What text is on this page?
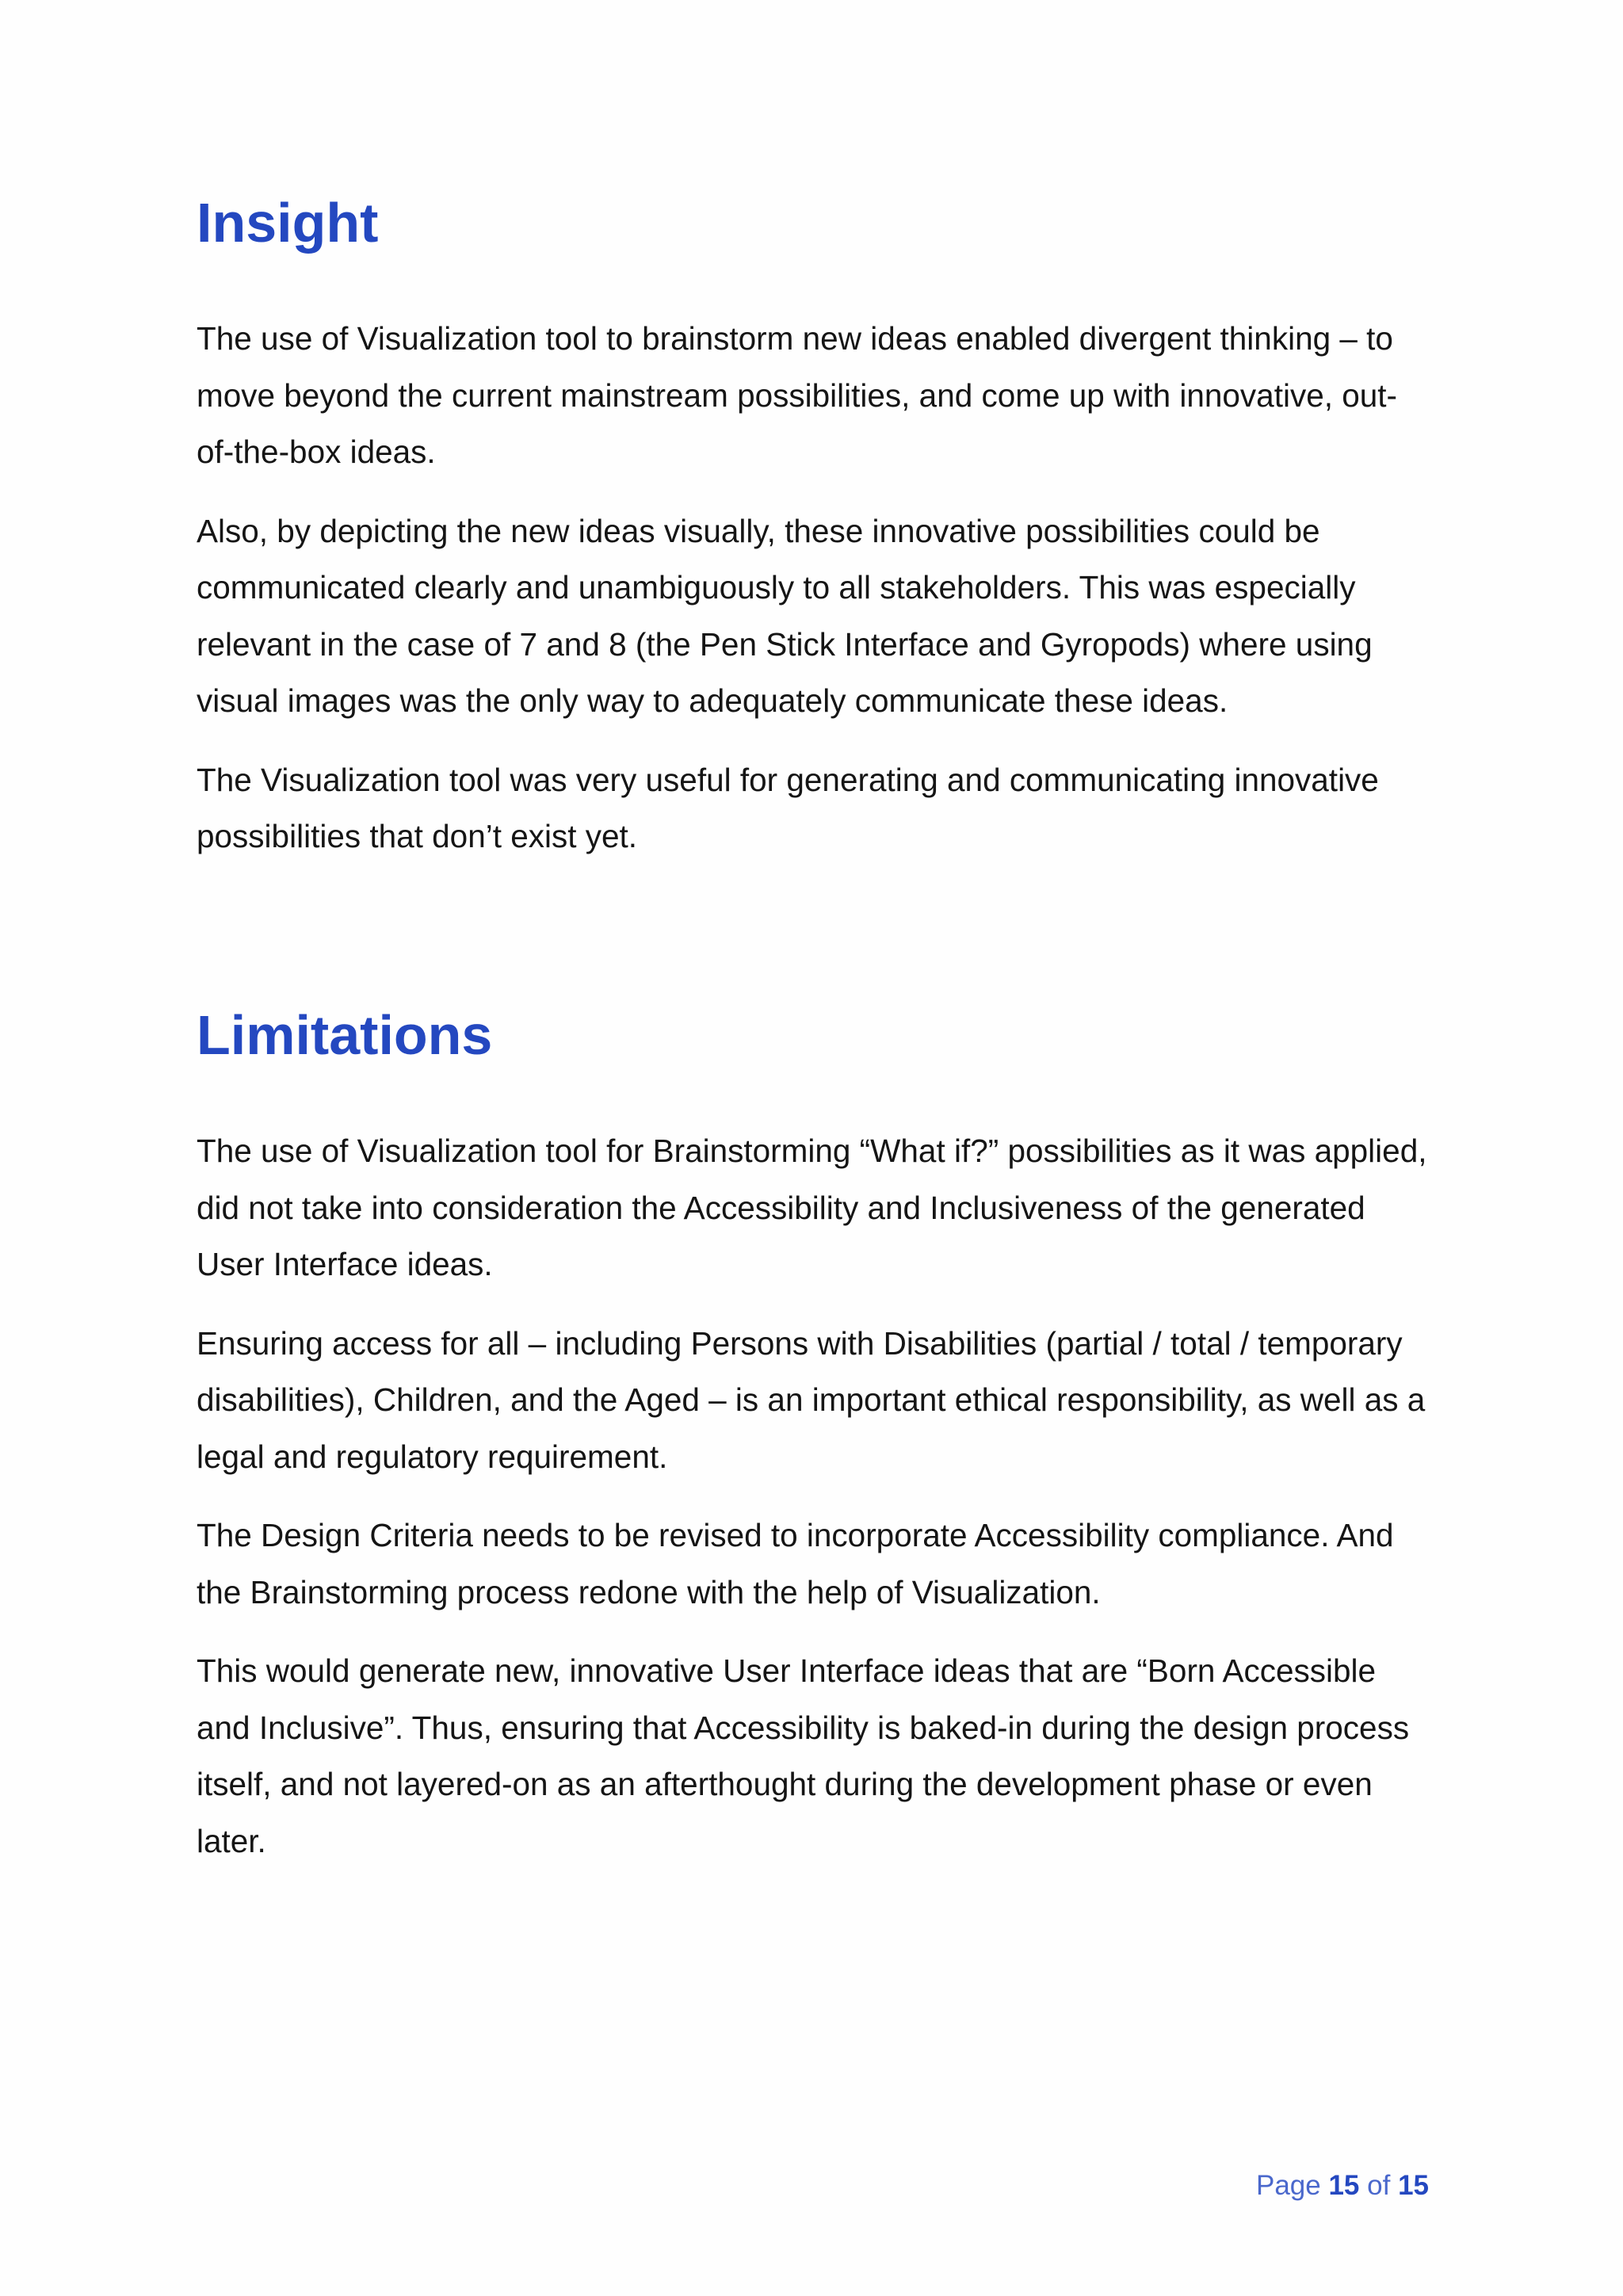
Insight

The use of Visualization tool to brainstorm new ideas enabled divergent thinking – to move beyond the current mainstream possibilities, and come up with innovative, out-of-the-box ideas.

Also, by depicting the new ideas visually, these innovative possibilities could be communicated clearly and unambiguously to all stakeholders. This was especially relevant in the case of 7 and 8 (the Pen Stick Interface and Gyropods) where using visual images was the only way to adequately communicate these ideas.

The Visualization tool was very useful for generating and communicating innovative possibilities that don’t exist yet.

Limitations

The use of Visualization tool for Brainstorming “What if?” possibilities as it was applied, did not take into consideration the Accessibility and Inclusiveness of the generated User Interface ideas.

Ensuring access for all – including Persons with Disabilities (partial / total / temporary disabilities), Children, and the Aged – is an important ethical responsibility, as well as a legal and regulatory requirement.

The Design Criteria needs to be revised to incorporate Accessibility compliance. And the Brainstorming process redone with the help of Visualization.

This would generate new, innovative User Interface ideas that are “Born Accessible and Inclusive”. Thus, ensuring that Accessibility is baked-in during the design process itself, and not layered-on as an afterthought during the development phase or even later.

Page 15 of 15
